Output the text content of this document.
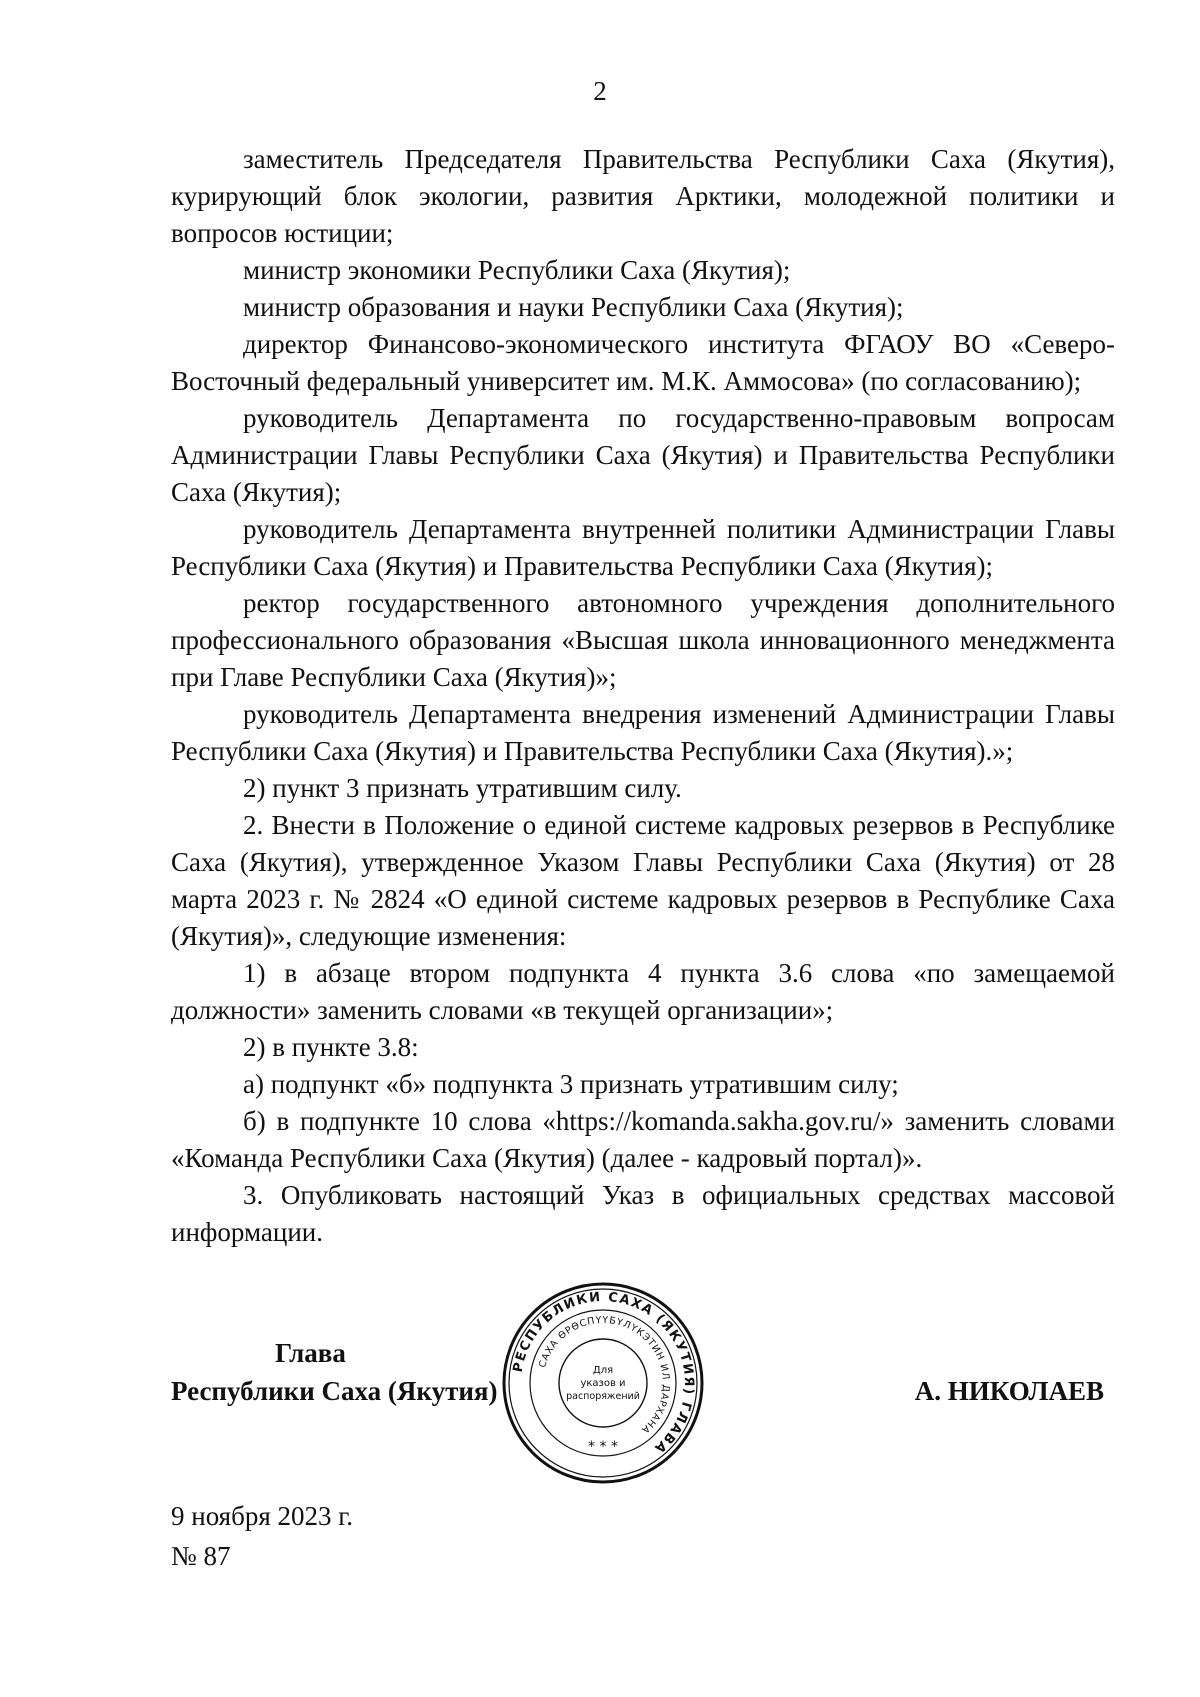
2

заместитель Председателя Правительства Республики Саха (Якутия), курирующий блок экологии, развития Арктики, молодежной политики и вопросов юстиции;

министр экономики Республики Саха (Якутия);

министр образования и науки Республики Саха (Якутия);

директор Финансово-экономического института ФГАОУ ВО «Северо-Восточный федеральный университет им. М.К. Аммосова» (по согласованию);

руководитель Департамента по государственно-правовым вопросам Администрации Главы Республики Саха (Якутия) и Правительства Республики Саха (Якутия);

руководитель Департамента внутренней политики Администрации Главы Республики Саха (Якутия) и Правительства Республики Саха (Якутия);

ректор государственного автономного учреждения дополнительного профессионального образования «Высшая школа инновационного менеджмента при Главе Республики Саха (Якутия)»;

руководитель Департамента внедрения изменений Администрации Главы Республики Саха (Якутия) и Правительства Республики Саха (Якутия).»;

2) пункт 3 признать утратившим силу.

2. Внести в Положение о единой системе кадровых резервов в Республике Саха (Якутия), утвержденное Указом Главы Республики Саха (Якутия) от 28 марта 2023 г. № 2824 «О единой системе кадровых резервов в Республике Саха (Якутия)», следующие изменения:

1) в абзаце втором подпункта 4 пункта 3.6 слова «по замещаемой должности» заменить словами «в текущей организации»;

2) в пункте 3.8:

а) подпункт «б» подпункта 3 признать утратившим силу;

б) в подпункте 10 слова «https://komanda.sakha.gov.ru/» заменить словами «Команда Республики Саха (Якутия) (далее - кадровый портал)».

3. Опубликовать настоящий Указ в официальных средствах массовой информации.

Глава
Республики Саха (Якутия)
РЕСПУБЛИКИ САХА (ЯКУТИЯ) ГЛАВА
САХА ӨРӨСПҮҮБҮЛҮКЭТИН ИЛ ДАРХАНА
Для
указов и
распоряжений
* * *
А. НИКОЛАЕВ
9 ноября 2023 г.
№ 87
